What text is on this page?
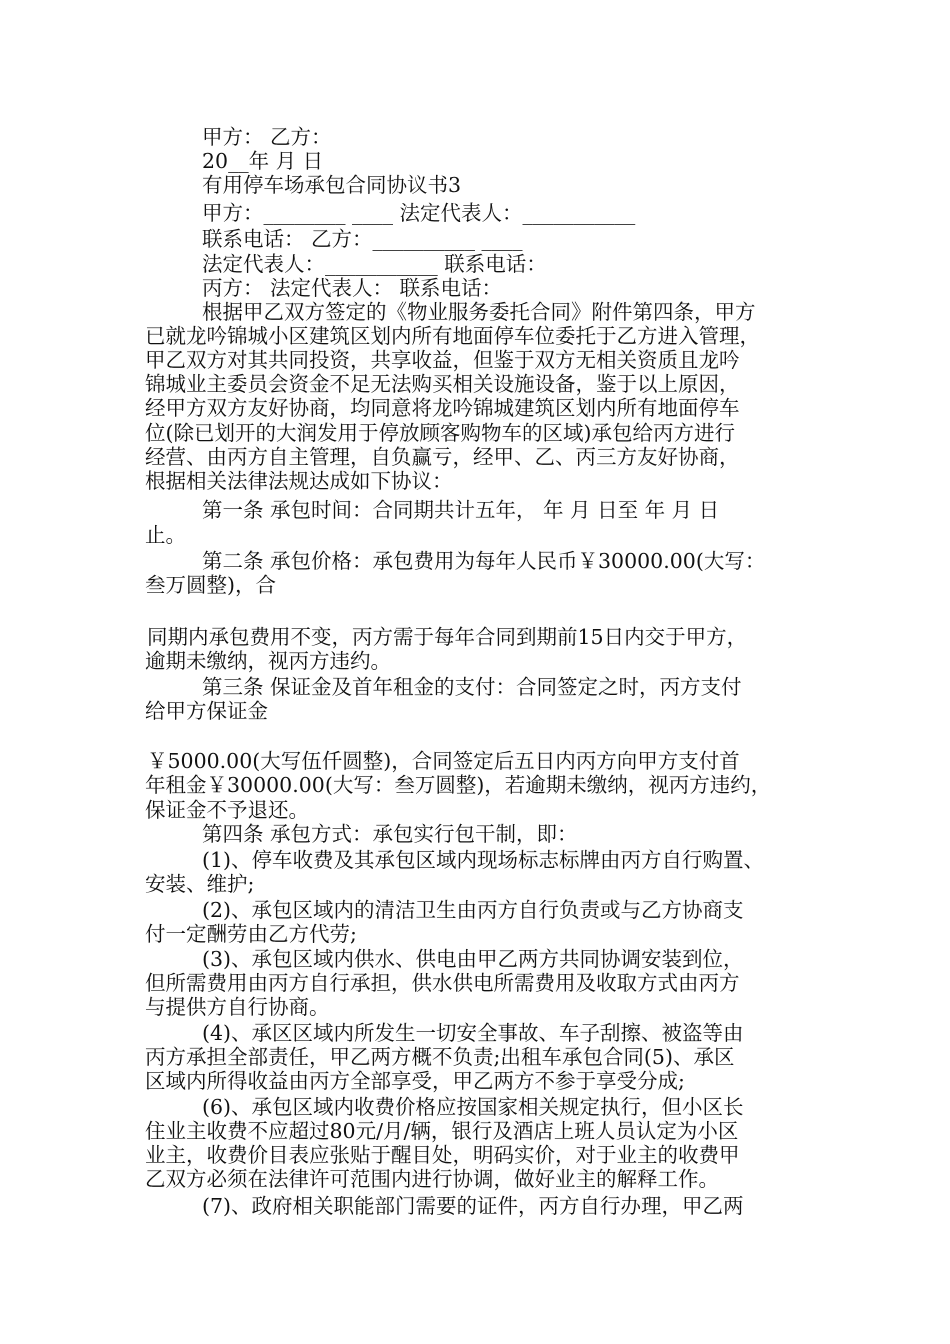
甲方： 乙方：
20__年 月 日
有用停车场承包合同协议书3
甲方：________ ____ 法定代表人：___________
联系电话： 乙方：__________ ____
法定代表人：___________ 联系电话：
丙方： 法定代表人： 联系电话：
根据甲乙双方签定的《物业服务委托合同》附件第四条，甲方
已就龙吟锦城小区建筑区划内所有地面停车位委托于乙方进入管理，
甲乙双方对其共同投资，共享收益，但鉴于双方无相关资质且龙吟
锦城业主委员会资金不足无法购买相关设施设备，鉴于以上原因，
经甲方双方友好协商，均同意将龙吟锦城建筑区划内所有地面停车
位(除已划开的大润发用于停放顾客购物车的区域)承包给丙方进行
经营、由丙方自主管理，自负赢亏，经甲、乙、丙三方友好协商，
根据相关法律法规达成如下协议：
第一条 承包时间：合同期共计五年， 年 月 日至 年 月 日
止。
第二条 承包价格：承包费用为每年人民币￥30000.00(大写：
叁万圆整)，合
同期内承包费用不变，丙方需于每年合同到期前15日内交于甲方，
逾期未缴纳，视丙方违约。
第三条 保证金及首年租金的支付：合同签定之时，丙方支付
给甲方保证金
￥5000.00(大写伍仟圆整)，合同签定后五日内丙方向甲方支付首
年租金￥30000.00(大写：叁万圆整)，若逾期未缴纳，视丙方违约，
保证金不予退还。
第四条 承包方式：承包实行包干制，即：
(1)、停车收费及其承包区域内现场标志标牌由丙方自行购置、
安装、维护;
(2)、承包区域内的清洁卫生由丙方自行负责或与乙方协商支
付一定酬劳由乙方代劳;
(3)、承包区域内供水、供电由甲乙两方共同协调安装到位，
但所需费用由丙方自行承担，供水供电所需费用及收取方式由丙方
与提供方自行协商。
(4)、承区区域内所发生一切安全事故、车子刮擦、被盗等由
丙方承担全部责任，甲乙两方概不负责;出租车承包合同(5)、承区
区域内所得收益由丙方全部享受，甲乙两方不参于享受分成;
(6)、承包区域内收费价格应按国家相关规定执行，但小区长
住业主收费不应超过80元/月/辆，银行及酒店上班人员认定为小区
业主，收费价目表应张贴于醒目处，明码实价，对于业主的收费甲
乙双方必须在法律许可范围内进行协调，做好业主的解释工作。
(7)、政府相关职能部门需要的证件，丙方自行办理，甲乙两
